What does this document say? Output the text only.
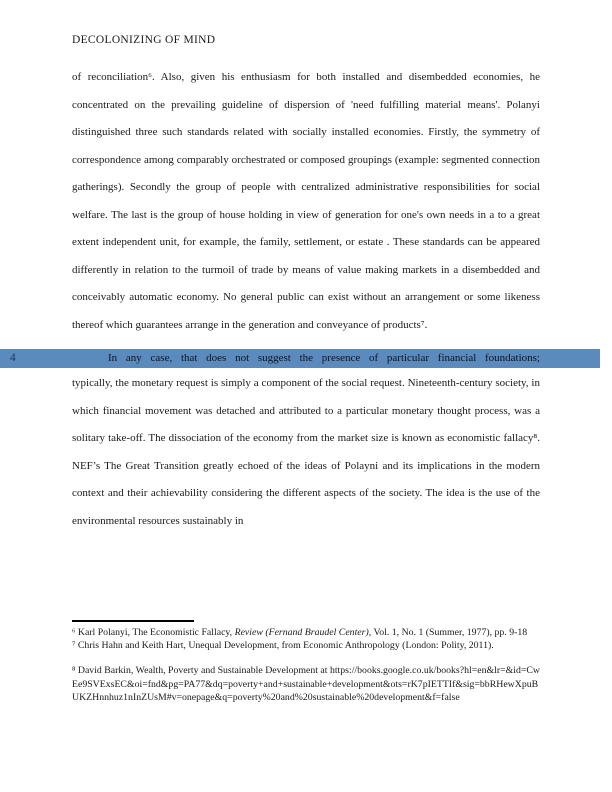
DECOLONIZING OF MIND

of reconciliation⁶. Also, given his enthusiasm for both installed and disembedded economies, he concentrated on the prevailing guideline of dispersion of 'need fulfilling material means'. Polanyi distinguished three such standards related with socially installed economies. Firstly, the symmetry of correspondence among comparably orchestrated or composed groupings (example: segmented connection gatherings). Secondly the group of people with centralized administrative responsibilities for social welfare. The last is the group of house holding in view of generation for one's own needs in a to a great extent independent unit, for example, the family, settlement, or estate . These standards can be appeared differently in relation to the turmoil of trade by means of value making markets in a disembedded and conceivably automatic economy. No general public can exist without an arrangement or some likeness thereof which guarantees arrange in the generation and conveyance of products⁷.

4	In any case, that does not suggest the presence of particular financial foundations;

typically, the monetary request is simply a component of the social request. Nineteenth-century society, in which financial movement was detached and attributed to a particular monetary thought process, was a solitary take-off. The dissociation of the economy from the market size is known as economistic fallacy⁸. NEF’s The Great Transition greatly echoed of the ideas of Polayni and its implications in the modern context and their achievability considering the different aspects of the society. The idea is the use of the environmental resources sustainably in

⁶ Karl Polanyi, The Economistic Fallacy, Review (Fernand Braudel Center), Vol. 1, No. 1 (Summer, 1977), pp. 9-18
⁷ Chris Hahn and Keith Hart, Unequal Development, from Economic Anthropology (London: Polity, 2011).
⁸ David Barkin, Wealth, Poverty and Sustainable Development at https://books.google.co.uk/books?hl=en&lr=&id=CwEe9SVExsEC&oi=fnd&pg=PA77&dq=poverty+and+sustainable+development&ots=rK7pIETTIf&sig=bbRHewXpuBUKZHnnhuz1nInZUsM#v=onepage&q=poverty%20and%20sustainable%20development&f=false
